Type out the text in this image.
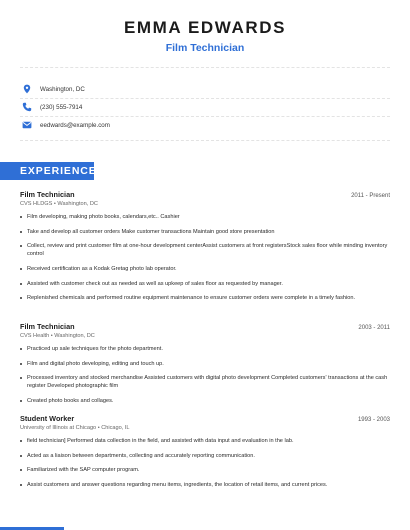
EMMA EDWARDS
Film Technician
Washington, DC
(230) 555-7914
eedwards@example.com
EXPERIENCE
Film Technician	2011 - Present
CVS HLDGS • Washington, DC
Film developing, making photo books, calendars,etc.. Cashier
Take and develop all customer orders Make customer transactions Maintain good store presentation
Collect, review and print customer film at one-hour development centerAssist customers at front registersStock sales floor while minding inventory control
Received certification as a Kodak Gretag photo lab operator.
Assisted with customer check out as needed as well as upkeep of sales floor as requested by manager.
Replenished chemicals and performed routine equipment maintenance to ensure customer orders were complete in a timely fashion.
Film Technician	2003 - 2011
CVS Health • Washington, DC
Practiced up sale techniques for the photo department.
Film and digital photo developing, editing and touch up.
Processed inventory and stocked merchandise Assisted customers with digital photo development Completed customers' transactions at the cash register Developed photographic film
Created photo books and collages.
Student Worker	1993 - 2003
University of Illinois at Chicago • Chicago, IL
field technician] Performed data collection in the field, and assisted with data input and evaluation in the lab.
Acted as a liaison between departments, collecting and accurately reporting communication.
Familiarized with the SAP computer program.
Assist customers and answer questions regarding menu items, ingredients, the location of retail items, and current prices.
